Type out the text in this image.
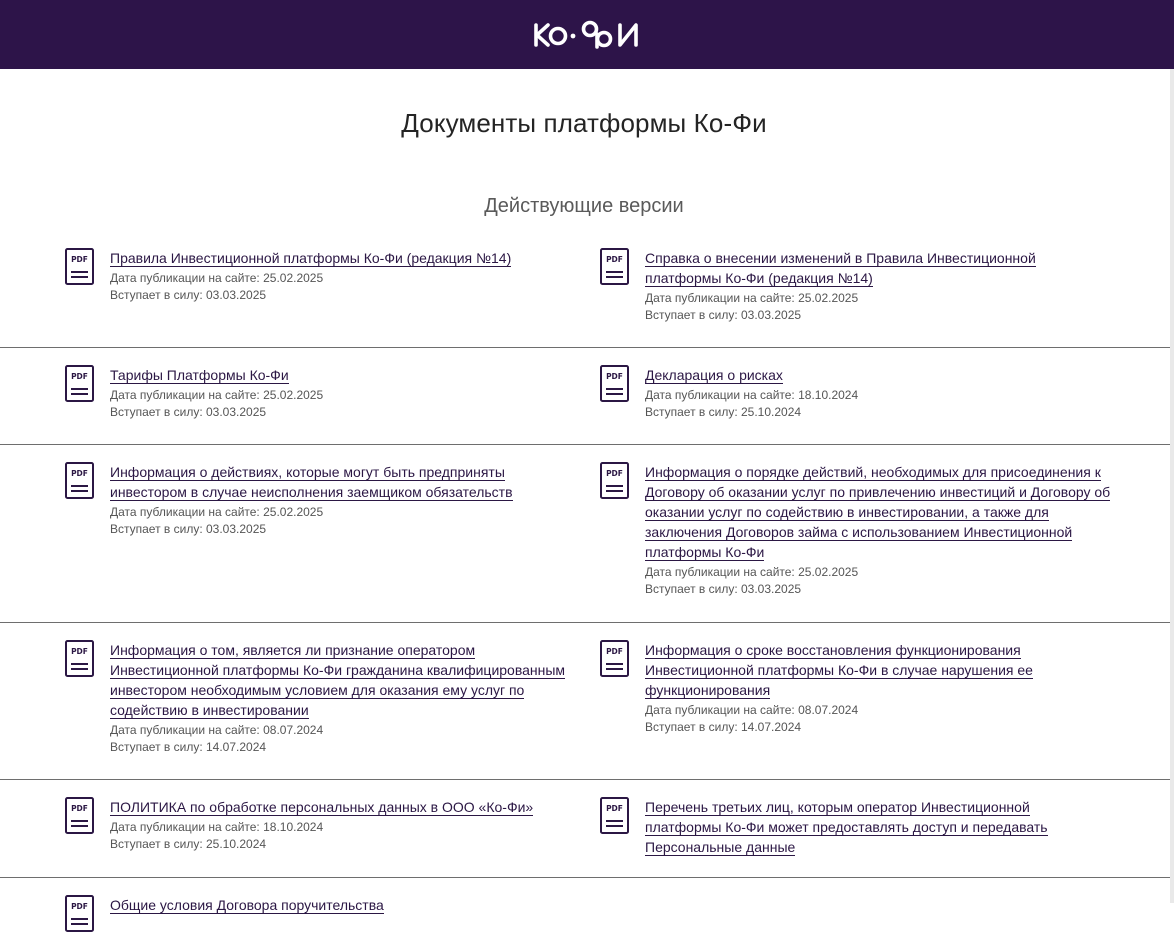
Документы платформы Ко-Фи
Действующие версии
PDF Правила Инвестиционной платформы Ко-Фи (редакция №14)
Дата публикации на сайте: 25.02.2025
Вступает в силу: 03.03.2025
PDF Справка о внесении изменений в Правила Инвестиционной платформы Ко-Фи (редакция №14)
Дата публикации на сайте: 25.02.2025
Вступает в силу: 03.03.2025
PDF Тарифы Платформы Ко-Фи
Дата публикации на сайте: 25.02.2025
Вступает в силу: 03.03.2025
PDF Декларация о рисках
Дата публикации на сайте: 18.10.2024
Вступает в силу: 25.10.2024
PDF Информация о действиях, которые могут быть предприняты инвестором в случае неисполнения заемщиком обязательств
Дата публикации на сайте: 25.02.2025
Вступает в силу: 03.03.2025
PDF Информация о порядке действий, необходимых для присоединения к Договору об оказании услуг по привлечению инвестиций и Договору об оказании услуг по содействию в инвестировании, а также для заключения Договоров займа с использованием Инвестиционной платформы Ко-Фи
Дата публикации на сайте: 25.02.2025
Вступает в силу: 03.03.2025
PDF Информация о том, является ли признание оператором Инвестиционной платформы Ко-Фи гражданина квалифицированным инвестором необходимым условием для оказания ему услуг по содействию в инвестировании
Дата публикации на сайте: 08.07.2024
Вступает в силу: 14.07.2024
PDF Информация о сроке восстановления функционирования Инвестиционной платформы Ко-Фи в случае нарушения ее функционирования
Дата публикации на сайте: 08.07.2024
Вступает в силу: 14.07.2024
PDF ПОЛИТИКА по обработке персональных данных в ООО «Ко-Фи»
Дата публикации на сайте: 18.10.2024
Вступает в силу: 25.10.2024
PDF Перечень третьих лиц, которым оператор Инвестиционной платформы Ко-Фи может предоставлять доступ и передавать Персональные данные
PDF Общие условия Договора поручительства
